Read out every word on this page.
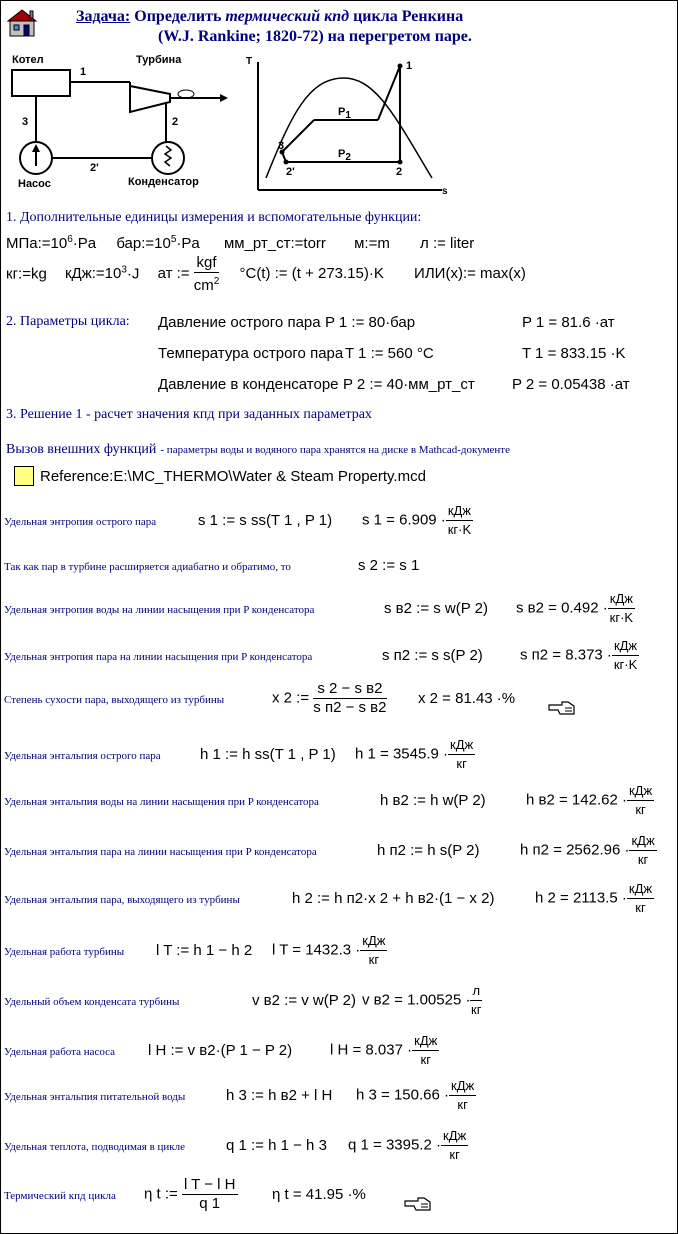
Задача: Определить термический кпд цикла Ренкина
(W.J. Rankine; 1820-72) на перегретом паре.
Котел	Турбина
1
2
3
2'
Насос	Конденсатор
T
s
1
2
2'
3
$P_1$
$P_2$
1. Дополнительные единицы измерения и вспомогательные функции:
$МПа:=10^6\cdot Pa$ $бар:=10^5\cdot Pa$ мм_рт_ст:=torr м:=m л := liter
кг:=kg $кДж:=10^3\cdot J$ ат := $\frac{\text{kgf}}{cm^2} ^\circ C(t)$ := (t + 273.15)·K ИЛИ(x):= max(x)
2. Параметры цикла: Давление острого пара P 1 := 80·бар	P 1 = 81.6 ·ат
Температура острого пара T 1 := 560 °C	T 1 = 833.15 ·K
Давление в конденсаторе P 2 := 40·мм_рт_ст P 2 = 0.05438 ·ат
3. Решение 1 - расчет значения кпд при заданных параметрах
Вызов внешних функций - параметры воды и водяного пара хранятся на диске в Mathcad-документе
Reference:E:\MC_THERMO\Water & Steam Property.mcd
Удельная энтропия острого пара	s 1 := s ss(T 1 , P 1) s $1 = 6.909 \cdot \frac{\text{кДж}}{кг\cdot K}$
Так как пар в турбине расширяется адиабатно и обратимо, то	s 2 := s 1
Удельная энтропия воды на линии насыщения при P конденсатора	s в2 := s w(P 2) s $в2 = 0.492 \cdot \frac{\text{кДж}}{кг\cdot K}$
Удельная энтропия пара на линии насыщения при P конденсатора	s п2 := s s(P 2) s $п2 = 8.373 \cdot \frac{\text{кДж}}{кг\cdot K}$
Степень сухости пара, выходящего из турбины	x 2 := $\frac{\text{s 2 − s в2}}{\text{s п2 − s в2}}$ x 2 = 81.43 ·%
Удельная энтальпия острого пара	h 1 := h ss(T 1 , P 1) h $1 = 3545.9 \cdot \frac{\text{кДж}}{кг}$
Удельная энтальпия воды на линии насыщения при P конденсатора	h в2 := h w(P 2)	h $в2 = 142.62 \cdot \frac{\text{кДж}}{кг}$
Удельная энтальпия пара на линии насыщения при P конденсатора	h п2 := h s(P 2)	h $п2 = 2562.96 \cdot \frac{\text{кДж}}{кг}$
Удельная энтальпия пара, выходящего из турбины	h 2 := h п2·x 2 + h в2·(1 − x 2)	h $2 = 2113.5 \cdot \frac{\text{кДж}}{кг}$
Удельная работа турбины l T := h 1 − h 2 l $T = 1432.3 \cdot \frac{\text{кДж}}{кг}$
Удельный объем конденсата турбины	v в2 := v w(P 2) v $в2 = 1.00525 \cdot \frac{л}{кг}$
Удельная работа насоса l H := v в2·(P 1 − P 2)	l $H = 8.037 \cdot \frac{\text{кДж}}{кг}$
Удельная энтальпия питательной воды	h 3 := h в2 + l H h $3 = 150.66 \cdot \frac{\text{кДж}}{кг}$
Удельная теплота, подводимая в цикле	q 1 := h 1 − h 3 q $1 = 3395.2 \cdot \frac{\text{кДж}}{кг}$
Термический кпд цикла η t := $\frac{\text{l T − l H}}{q 1}$ η t = 41.95 ·%
